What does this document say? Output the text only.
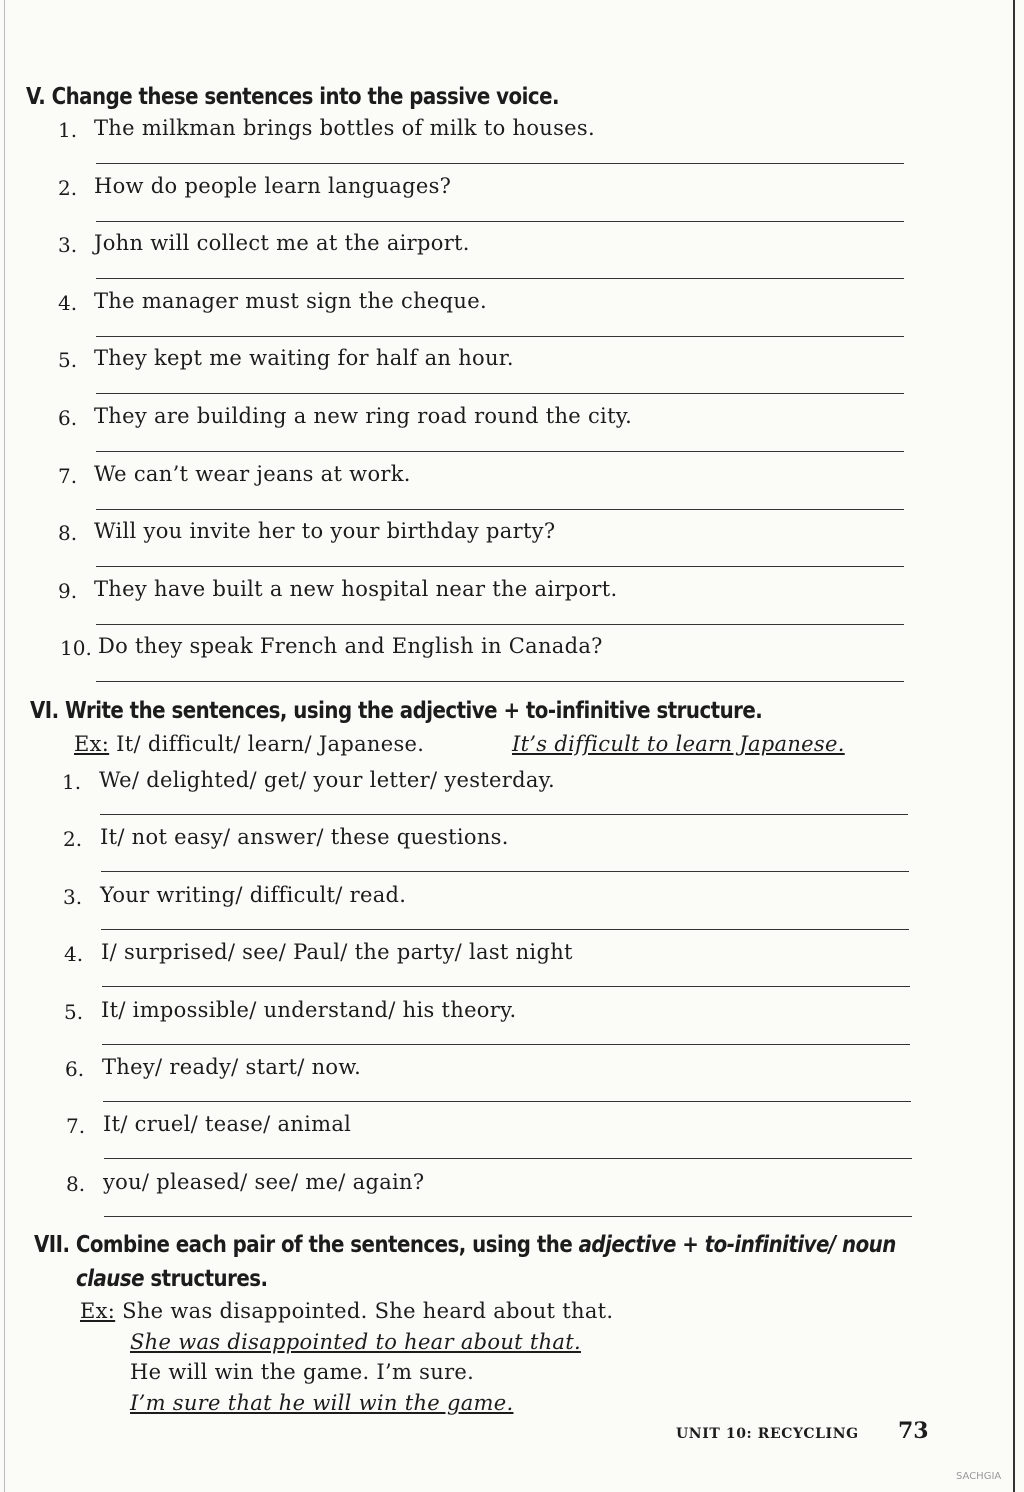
V. Change these sentences into the passive voice.
1. The milkman brings bottles of milk to houses.
2. How do people learn languages?
3. John will collect me at the airport.
4. The manager must sign the cheque.
5. They kept me waiting for half an hour.
6. They are building a new ring road round the city.
7. We can’t wear jeans at work.
8. Will you invite her to your birthday party?
9. They have built a new hospital near the airport.
10. Do they speak French and English in Canada?
VI. Write the sentences, using the adjective + to-infinitive structure.
Ex: It/ difficult/ learn/ Japanese.	It’s difficult to learn Japanese.
1. We/ delighted/ get/ your letter/ yesterday.
2. It/ not easy/ answer/ these questions.
3. Your writing/ difficult/ read.
4. I/ surprised/ see/ Paul/ the party/ last night
5. It/ impossible/ understand/ his theory.
6. They/ ready/ start/ now.
7. It/ cruel/ tease/ animal
8. you/ pleased/ see/ me/ again?
VII. Combine each pair of the sentences, using the adjective + to-infinitive/ noun
clause structures.
Ex: She was disappointed. She heard about that.
She was disappointed to hear about that.
He will win the game. I’m sure.
I’m sure that he will win the game.
UNIT 10: RECYCLING 73
SACHGIA
